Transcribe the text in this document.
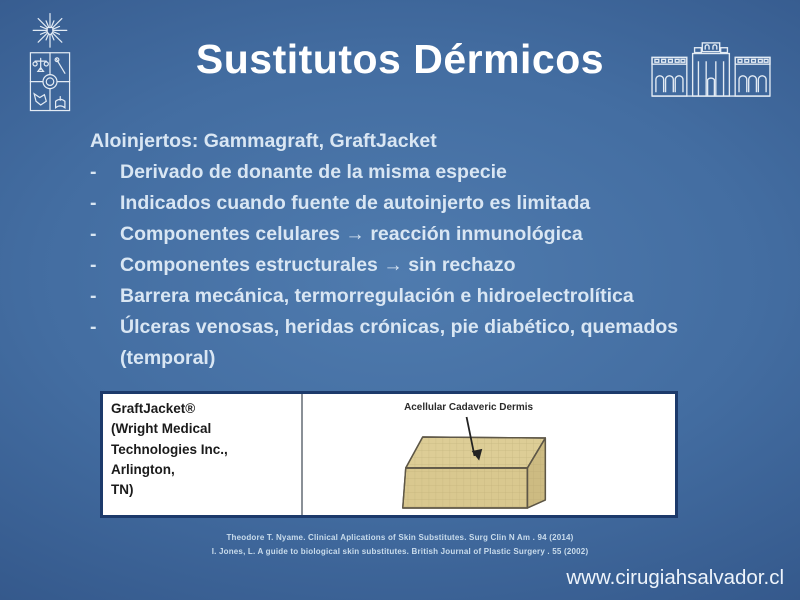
Sustitutos Dérmicos
Aloinjertos: Gammagraft, GraftJacket
-	Derivado de donante de la misma especie
-	Indicados cuando fuente de autoinjerto es limitada
-	Componentes celulares → reacción inmunológica
-	Componentes estructurales → sin rechazo
-	Barrera mecánica, termorregulación e hidroelectrolítica
-	Úlceras venosas, heridas crónicas, pie diabético, quemados (temporal)
GraftJacket®
(Wright Medical
Technologies Inc., Arlington,
TN)
Acellular Cadaveric Dermis
Theodore T. Nyame. Clinical Aplications of Skin Substitutes. Surg Clin N Am . 94 (2014)
I. Jones, L. A guide to biological skin substitutes. British Journal of Plastic Surgery . 55 (2002)
www.cirugiahsalvador.cl
